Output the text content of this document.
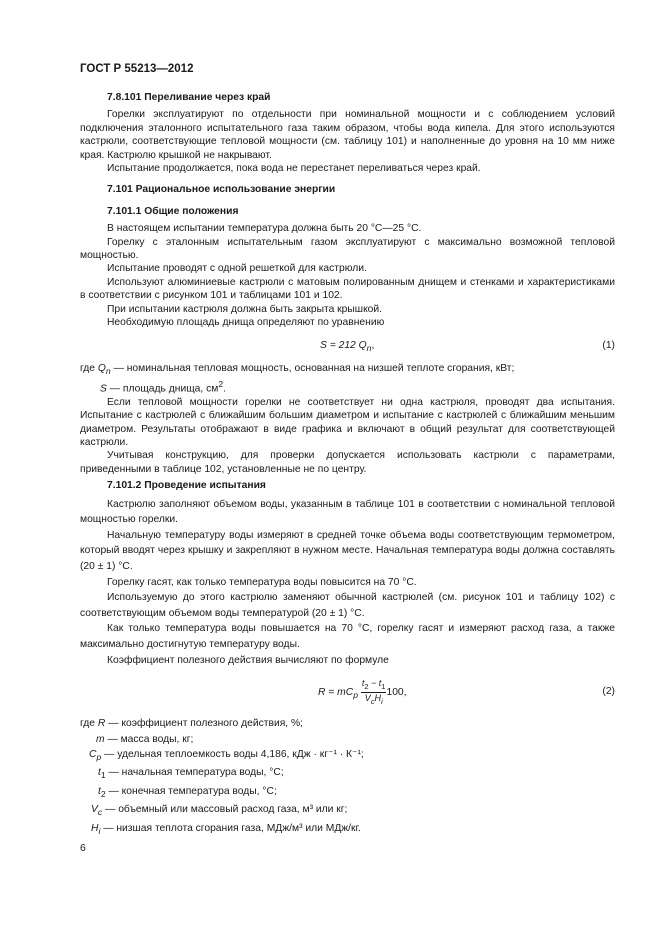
ГОСТ Р 55213—2012

7.8.101 Переливание через край

Горелки эксплуатируют по отдельности при номинальной мощности и с соблюдением условий подключения эталонного испытательного газа таким образом, чтобы вода кипела. Для этого используются кастрюли, соответствующие тепловой мощности (см. таблицу 101) и наполненные до уровня на 10 мм ниже края. Кастрюлю крышкой не накрывают.

Испытание продолжается, пока вода не перестанет переливаться через край.

7.101 Рациональное использование энергии

7.101.1 Общие положения

В настоящем испытании температура должна быть 20 °С—25 °С.

Горелку с эталонным испытательным газом эксплуатируют с максимально возможной тепловой мощностью.

Испытание проводят с одной решеткой для кастрюли.

Используют алюминиевые кастрюли с матовым полированным днищем и стенками и характеристиками в соответствии с рисунком 101 и таблицами 101 и 102.

При испытании кастрюля должна быть закрыта крышкой.

Необходимую площадь днища определяют по уравнению

S = 212 $Q_n$,	(1)

где $Q_n$ — номинальная тепловая мощность, основанная на низшей теплоте сгорания, кВт;

S — площадь днища, $см^2$.

Если тепловой мощности горелки не соответствует ни одна кастрюля, проводят два испытания. Испытание с кастрюлей с ближайшим большим диаметром и испытание с кастрюлей с ближайшим меньшим диаметром. Результаты отображают в виде графика и включают в общий результат для соответствующей кастрюли.

Учитывая конструкцию, для проверки допускается использовать кастрюли с параметрами, приведенными в таблице 102, установленные не по центру.

7.101.2 Проведение испытания

Кастрюлю заполняют объемом воды, указанным в таблице 101 в соответствии с номинальной тепловой мощностью горелки.

Начальную температуру воды измеряют в средней точке объема воды соответствующим термометром, который вводят через крышку и закрепляют в нужном месте. Начальная температура воды должна составлять (20 ± 1) °С.

Горелку гасят, как только температура воды повысится на 70 °С.

Используемую до этого кастрюлю заменяют обычной кастрюлей (см. рисунок 101 и таблицу 102) с соответствующим объемом воды температурой (20 ± 1) °С.

Как только температура воды повышается на 70 °С, горелку гасят и измеряют расход газа, а также максимально достигнутую температуру воды.

Коэффициент полезного действия вычисляют по формуле

$R = mC_p$
$t_2 - t_1$
$V_cH_i$
100,	(2)

где R — коэффициент полезного действия, %;

m — масса воды, кг;

$C_p$ — удельная теплоемкость воды 4,186, кДж · кг⁻¹ · К⁻¹;

$t_1$ — начальная температура воды, °С;

$t_2$ — конечная температура воды, °С;

$V_c$ — объемный или массовый расход газа, м³ или кг;

$H_i$ — низшая теплота сгорания газа, МДж/м³ или МДж/кг.

6
